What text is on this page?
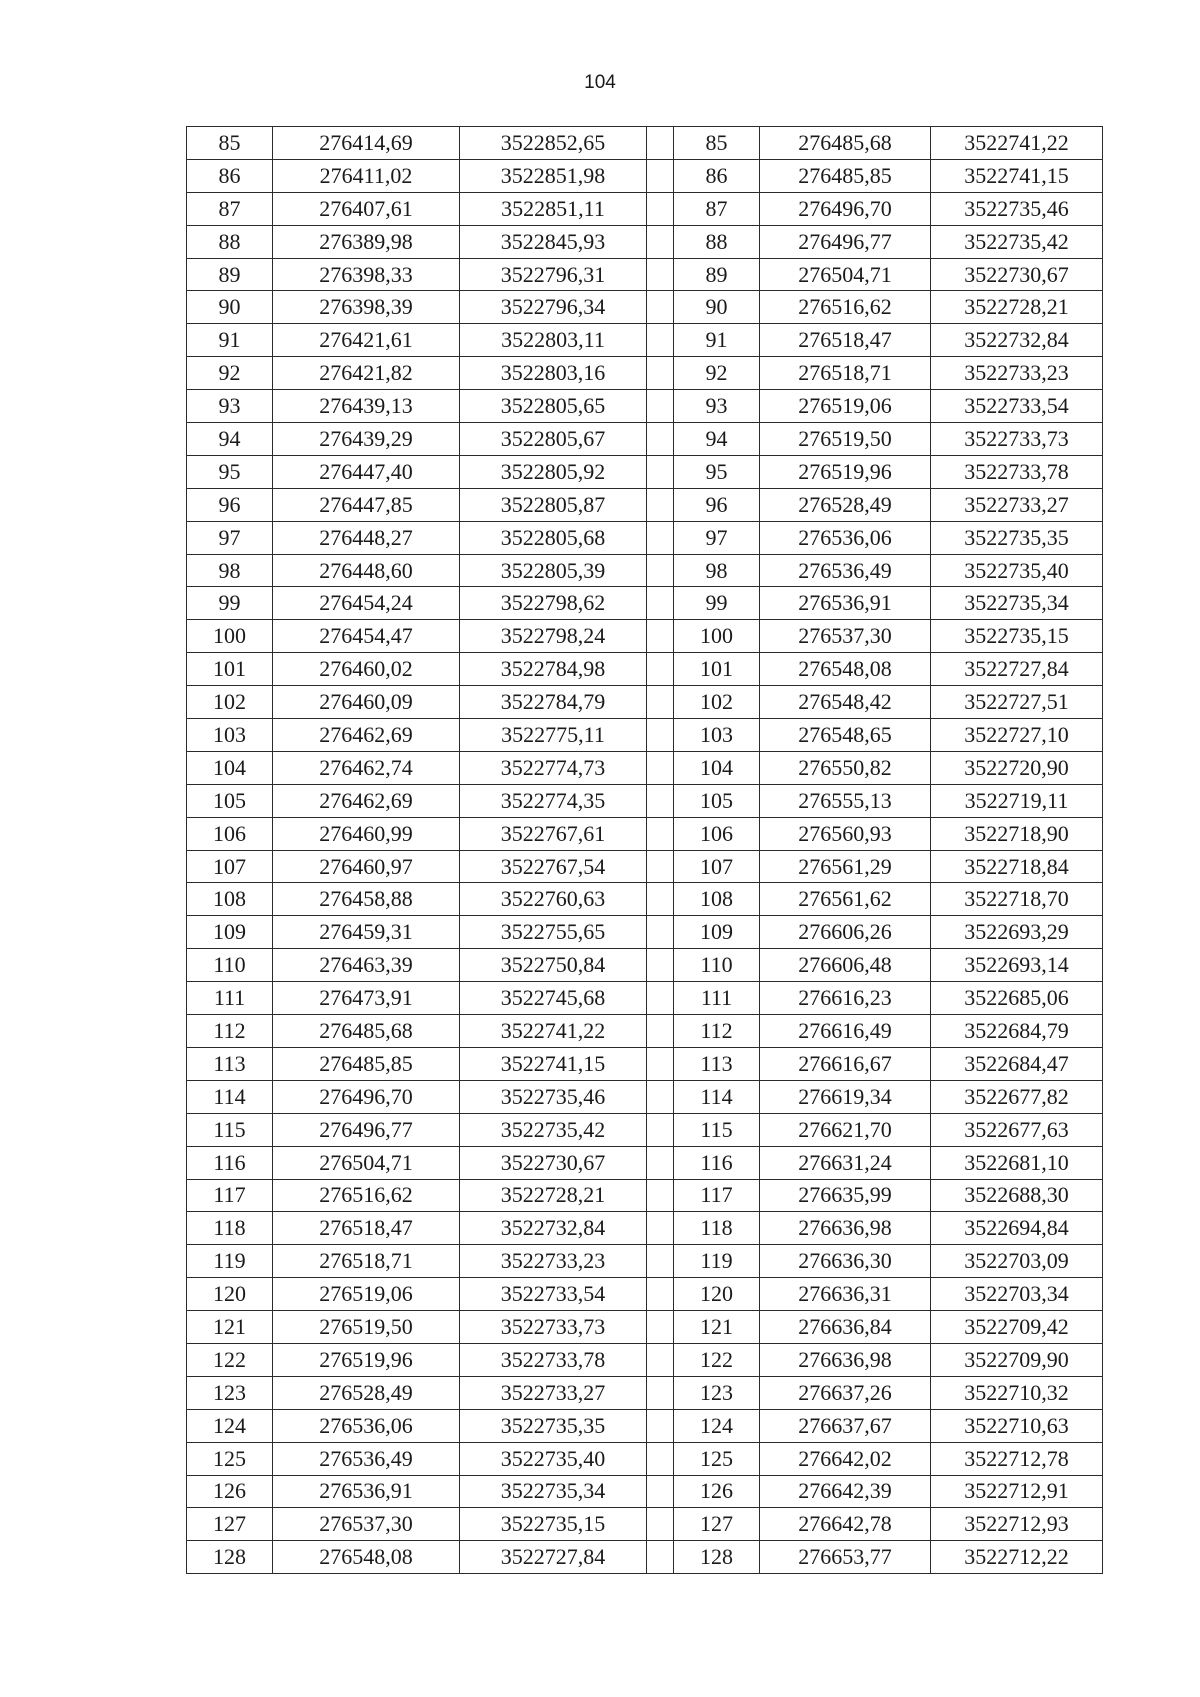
104
85	276414,69	3522852,65		85	276485,68	3522741,22
86	276411,02	3522851,98		86	276485,85	3522741,15
87	276407,61	3522851,11		87	276496,70	3522735,46
88	276389,98	3522845,93		88	276496,77	3522735,42
89	276398,33	3522796,31		89	276504,71	3522730,67
90	276398,39	3522796,34		90	276516,62	3522728,21
91	276421,61	3522803,11		91	276518,47	3522732,84
92	276421,82	3522803,16		92	276518,71	3522733,23
93	276439,13	3522805,65		93	276519,06	3522733,54
94	276439,29	3522805,67		94	276519,50	3522733,73
95	276447,40	3522805,92		95	276519,96	3522733,78
96	276447,85	3522805,87		96	276528,49	3522733,27
97	276448,27	3522805,68		97	276536,06	3522735,35
98	276448,60	3522805,39		98	276536,49	3522735,40
99	276454,24	3522798,62		99	276536,91	3522735,34
100	276454,47	3522798,24		100	276537,30	3522735,15
101	276460,02	3522784,98		101	276548,08	3522727,84
102	276460,09	3522784,79		102	276548,42	3522727,51
103	276462,69	3522775,11		103	276548,65	3522727,10
104	276462,74	3522774,73		104	276550,82	3522720,90
105	276462,69	3522774,35		105	276555,13	3522719,11
106	276460,99	3522767,61		106	276560,93	3522718,90
107	276460,97	3522767,54		107	276561,29	3522718,84
108	276458,88	3522760,63		108	276561,62	3522718,70
109	276459,31	3522755,65		109	276606,26	3522693,29
110	276463,39	3522750,84		110	276606,48	3522693,14
111	276473,91	3522745,68		111	276616,23	3522685,06
112	276485,68	3522741,22		112	276616,49	3522684,79
113	276485,85	3522741,15		113	276616,67	3522684,47
114	276496,70	3522735,46		114	276619,34	3522677,82
115	276496,77	3522735,42		115	276621,70	3522677,63
116	276504,71	3522730,67		116	276631,24	3522681,10
117	276516,62	3522728,21		117	276635,99	3522688,30
118	276518,47	3522732,84		118	276636,98	3522694,84
119	276518,71	3522733,23		119	276636,30	3522703,09
120	276519,06	3522733,54		120	276636,31	3522703,34
121	276519,50	3522733,73		121	276636,84	3522709,42
122	276519,96	3522733,78		122	276636,98	3522709,90
123	276528,49	3522733,27		123	276637,26	3522710,32
124	276536,06	3522735,35		124	276637,67	3522710,63
125	276536,49	3522735,40		125	276642,02	3522712,78
126	276536,91	3522735,34		126	276642,39	3522712,91
127	276537,30	3522735,15		127	276642,78	3522712,93
128	276548,08	3522727,84		128	276653,77	3522712,22
